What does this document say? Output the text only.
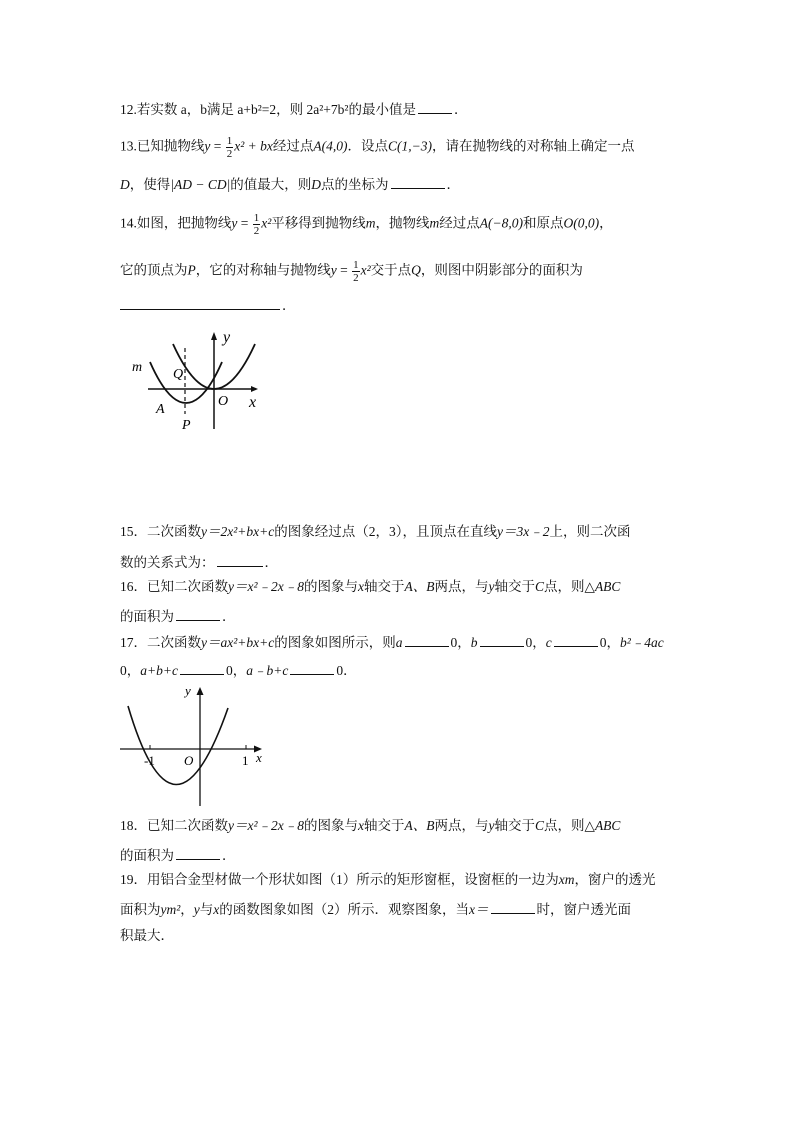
12.若实数 a，b满足 a+b²=2，则 2a²+7b²的最小值是	．
13.已知抛物线$y = \frac{1}{2} x^2$ + bx经过点A(4,0)．设点C(1,−3)，请在抛物线的对称轴上确定一点
D，使得|AD − CD|的值最大，则D点的坐标为	．
14.如图，把抛物线$y = \frac{1}{2} x^2$平移得到抛物线m，抛物线m经过点A(−8,0)和原点O(0,0)，
它的顶点为P，它的对称轴与抛物线$y = \frac{1}{2} x^2$交于点Q，则图中阴影部分的面积为
．
m Q
y
A
O x
P
15．二次函数y＝2x²+bx+c的图象经过点（2，3），且顶点在直线y＝3x﹣2上，则二次函
数的关系式为：	．
16．已知二次函数y＝x²﹣2x﹣8的图象与x轴交于A、B两点，与y轴交于C点，则△ABC
的面积为	．
17．二次函数y＝ax²+bx+c的图象如图所示，则a	0，b	0，c	0，b²﹣4ac
0，a+b+c	0，a﹣b+c	0．
y
-1 O	1 x
18．已知二次函数y＝x²﹣2x﹣8的图象与x轴交于A、B两点，与y轴交于C点，则△ABC
的面积为	．
19．用铝合金型材做一个形状如图（1）所示的矩形窗框，设窗框的一边为xm，窗户的透光
面积为ym²，y与x的函数图象如图（2）所示．观察图象，当x＝	时，窗户透光面
积最大．
